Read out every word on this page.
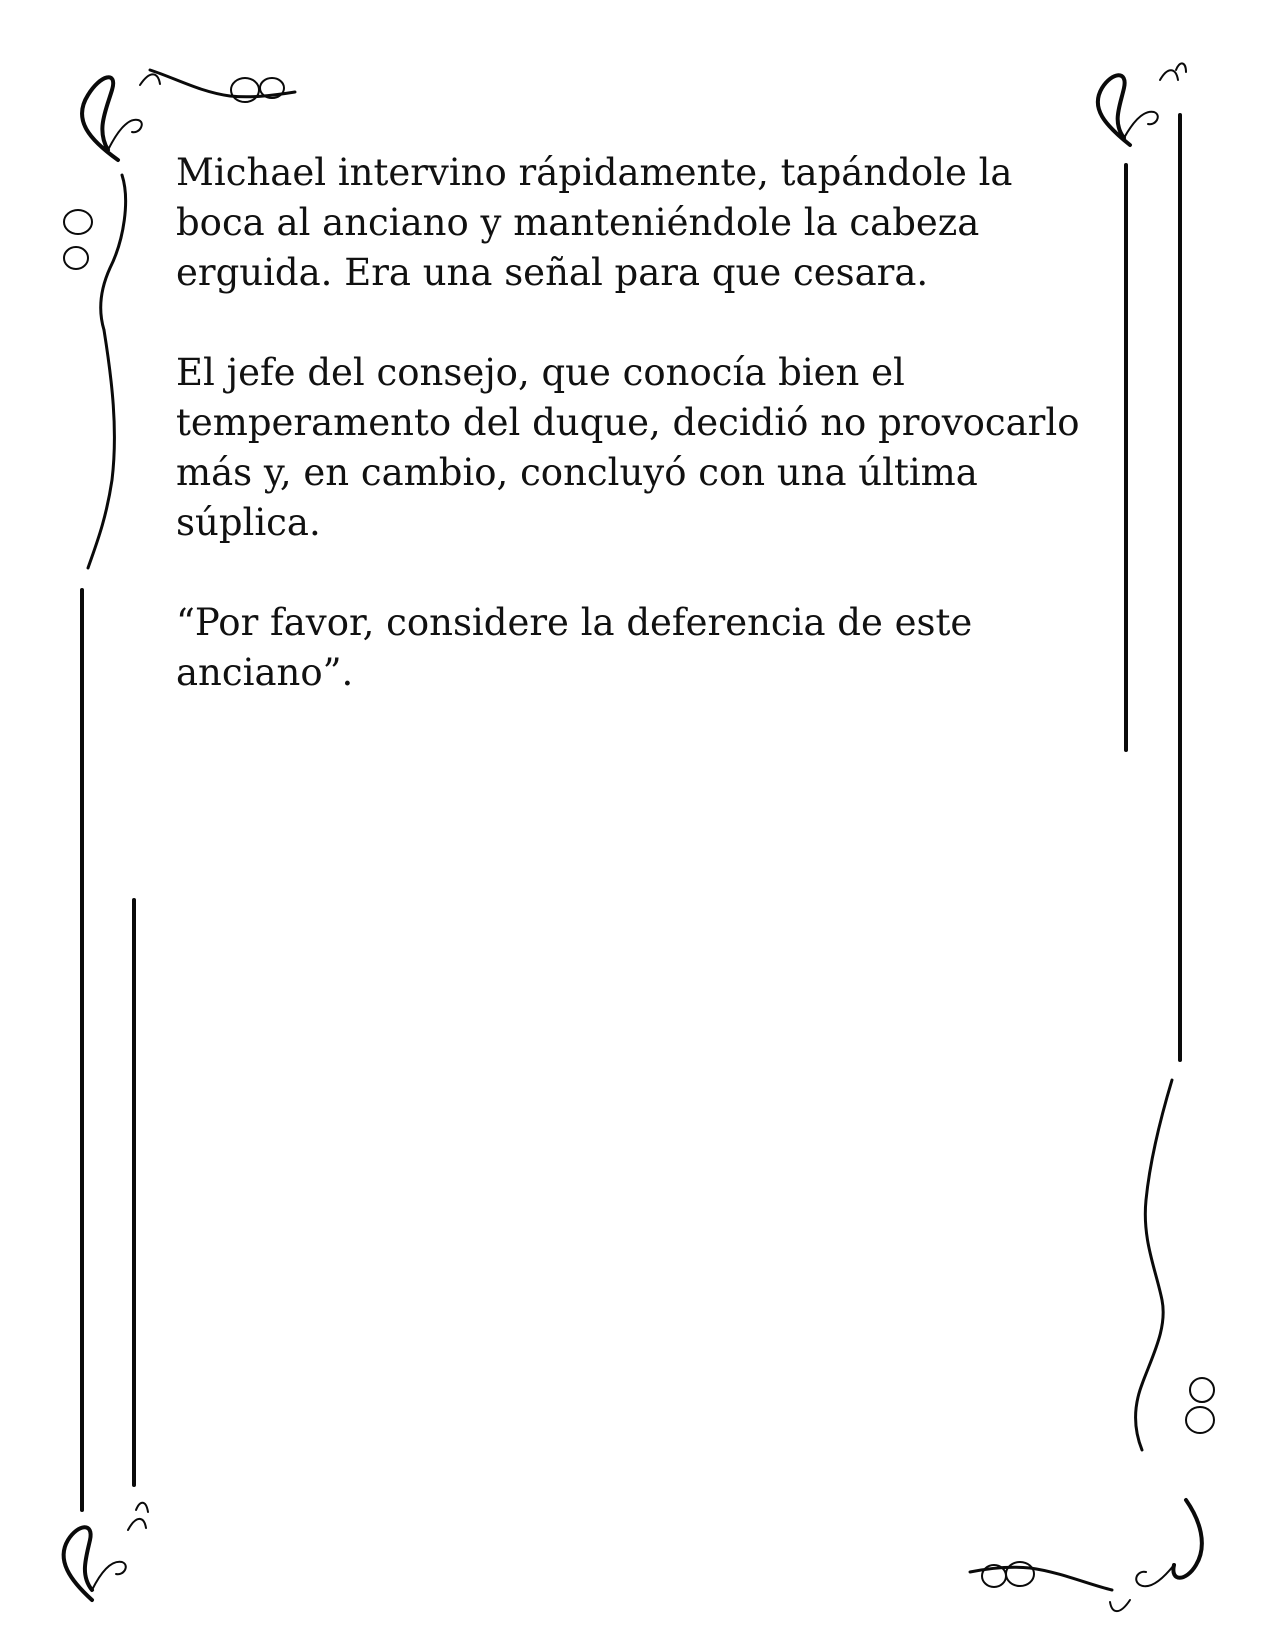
Michael intervino rápidamente, tapándole la
boca al anciano y manteniéndole la cabeza
erguida. Era una señal para que cesara.

El jefe del consejo, que conocía bien el
temperamento del duque, decidió no provocarlo
más y, en cambio, concluyó con una última
súplica.

“Por favor, considere la deferencia de este
anciano”.
